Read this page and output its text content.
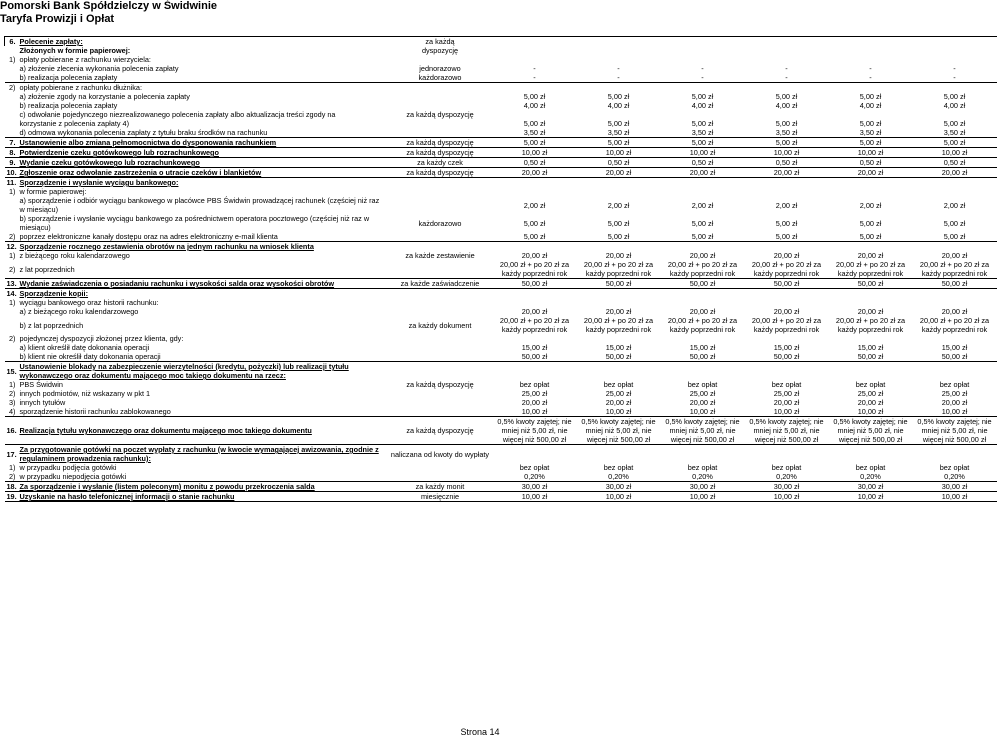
Pomorski Bank Spółdzielczy w Świdwinie
Taryfa Prowizji i Opłat
6.	Polecenie zapłaty:	za każdą						
	Złożonych w formie papierowej:	dyspozycję						
1)	opłaty pobierane z rachunku wierzyciela:							
	a) złożenie zlecenia wykonania polecenia zapłaty	jednorazowo	-	-	-	-	-	-
	b) realizacja polecenia zapłaty	każdorazowo	-	-	-	-	-	-
2)	opłaty pobierane z rachunku dłużnika:							
	a) złożenie zgody na korzystanie a polecenia zapłaty		5,00 zł	5,00 zł	5,00 zł	5,00 zł	5,00 zł	5,00 zł
	b) realizacja polecenia zapłaty		4,00 zł	4,00 zł	4,00 zł	4,00 zł	4,00 zł	4,00 zł
	c) odwołanie pojedynczego niezrealizowanego polecenia zapłaty albo aktualizacja treści zgody na	za każdą dyspozycję						
	korzystanie z polecenia zapłaty 4)		5,00 zł	5,00 zł	5,00 zł	5,00 zł	5,00 zł	5,00 zł
	d) odmowa wykonania polecenia zapłaty z tytułu braku środków na rachunku		3,50 zł	3,50 zł	3,50 zł	3,50 zł	3,50 zł	3,50 zł
7.	Ustanowienie albo zmiana pełnomocnictwa do dysponowania rachunkiem	za każdą dyspozycję	5,00 zł	5,00 zł	5,00 zł	5,00 zł	5,00 zł	5,00 zł
8.	Potwierdzenie czeku gotówkowego lub rozrachunkowego	za każdą dyspozycję	10,00 zł	10,00 zł	10,00 zł	10,00 zł	10,00 zł	10,00 zł
9.	Wydanie czeku gotówkowego lub rozrachunkowego	za każdy czek	0,50 zł	0,50 zł	0,50 zł	0,50 zł	0,50 zł	0,50 zł
10.	Zgłoszenie oraz odwołanie zastrzeżenia o utracie czeków i blankietów	za każdą dyspozycję	20,00 zł	20,00 zł	20,00 zł	20,00 zł	20,00 zł	20,00 zł
11.	Sporządzenie i wysłanie wyciągu bankowego:							
1)	w formie papierowej:							
	a) sporządzenie i odbiór wyciągu bankowego w placówce PBS Świdwin prowadzącej rachunek (częściej niż raz w miesiącu)		2,00 zł	2,00 zł	2,00 zł	2,00 zł	2,00 zł	2,00 zł
	b) sporządzenie i wysłanie wyciągu bankowego za pośrednictwem operatora pocztowego (częściej niż raz w miesiącu)	każdorazowo	5,00 zł	5,00 zł	5,00 zł	5,00 zł	5,00 zł	5,00 zł
2)	poprzez elektroniczne kanały dostępu oraz na adres elektroniczny e-mail klienta		5,00 zł	5,00 zł	5,00 zł	5,00 zł	5,00 zł	5,00 zł
12.	Sporządzenie rocznego zestawienia obrotów na jednym rachunku na wniosek klienta							
1)	z bieżącego roku kalendarzowego	za każde zestawienie	20,00 zł	20,00 zł	20,00 zł	20,00 zł	20,00 zł	20,00 zł
2)	z lat poprzednich		20,00 zł + po 20 zł za każdy poprzedni rok	20,00 zł + po 20 zł za każdy poprzedni rok	20,00 zł + po 20 zł za każdy poprzedni rok	20,00 zł + po 20 zł za każdy poprzedni rok	20,00 zł + po 20 zł za każdy poprzedni rok	20,00 zł + po 20 zł za każdy poprzedni rok
13.	Wydanie zaświadczenia o posiadaniu rachunku i wysokości salda oraz wysokości obrotów	za każde zaświadczenie	50,00 zł	50,00 zł	50,00 zł	50,00 zł	50,00 zł	50,00 zł
14.	Sporządzenie kopii:							
1)	wyciągu bankowego oraz historii rachunku:							
	a) z bieżącego roku kalendarzowego		20,00 zł	20,00 zł	20,00 zł	20,00 zł	20,00 zł	20,00 zł
	b) z lat poprzednich	za każdy dokument	20,00 zł + po 20 zł za każdy poprzedni rok	20,00 zł + po 20 zł za każdy poprzedni rok	20,00 zł + po 20 zł za każdy poprzedni rok	20,00 zł + po 20 zł za każdy poprzedni rok	20,00 zł + po 20 zł za każdy poprzedni rok	20,00 zł + po 20 zł za każdy poprzedni rok
2)	pojedynczej dyspozycji złożonej przez klienta, gdy:							
	a) klient określił datę dokonania operacji		15,00 zł	15,00 zł	15,00 zł	15,00 zł	15,00 zł	15,00 zł
	b) klient nie określił daty dokonania operacji		50,00 zł	50,00 zł	50,00 zł	50,00 zł	50,00 zł	50,00 zł
15.	Ustanowienie blokady na zabezpieczenie wierzytelności (kredytu, pożyczki) lub realizacji tytułu wykonawczego oraz dokumentu mającego moc takiego dokumentu na rzecz:							
1)	PBS Świdwin	za każdą dyspozycję	bez opłat	bez opłat	bez opłat	bez opłat	bez opłat	bez opłat
2)	innych podmiotów, niż wskazany w pkt 1		25,00 zł	25,00 zł	25,00 zł	25,00 zł	25,00 zł	25,00 zł
3)	innych tytułów		20,00 zł	20,00 zł	20,00 zł	20,00 zł	20,00 zł	20,00 zł
4)	sporządzenie historii rachunku zablokowanego		10,00 zł	10,00 zł	10,00 zł	10,00 zł	10,00 zł	10,00 zł
16.	Realizacja tytułu wykonawczego oraz dokumentu mającego moc takiego dokumentu	za każdą dyspozycję	0,5% kwoty zajętej; nie mniej niż 5,00 zł, nie więcej niż 500,00 zł	0,5% kwoty zajętej; nie mniej niż 5,00 zł, nie więcej niż 500,00 zł	0,5% kwoty zajętej; nie mniej niż 5,00 zł, nie więcej niż 500,00 zł	0,5% kwoty zajętej; nie mniej niż 5,00 zł, nie więcej niż 500,00 zł	0,5% kwoty zajętej; nie mniej niż 5,00 zł, nie więcej niż 500,00 zł	0,5% kwoty zajętej; nie mniej niż 5,00 zł, nie więcej niż 500,00 zł
17.	Za przygotowanie gotówki na poczet wypłaty z rachunku (w kwocie wymagającej awizowania, zgodnie z regulaminem prowadzenia rachunku):	naliczana od kwoty do wypłaty						
1)	w przypadku podjęcia gotówki		bez opłat	bez opłat	bez opłat	bez opłat	bez opłat	bez opłat
2)	w przypadku niepodjęcia gotówki		0,20%	0,20%	0,20%	0,20%	0,20%	0,20%
18.	Za sporządzenie i wysłanie (listem poleconym) monitu z powodu przekroczenia salda	za każdy monit	30,00 zł	30,00 zł	30,00 zł	30,00 zł	30,00 zł	30,00 zł
19.	Uzyskanie na hasło telefonicznej informacji o stanie rachunku	miesięcznie	10,00 zł	10,00 zł	10,00 zł	10,00 zł	10,00 zł	10,00 zł
Strona 14
